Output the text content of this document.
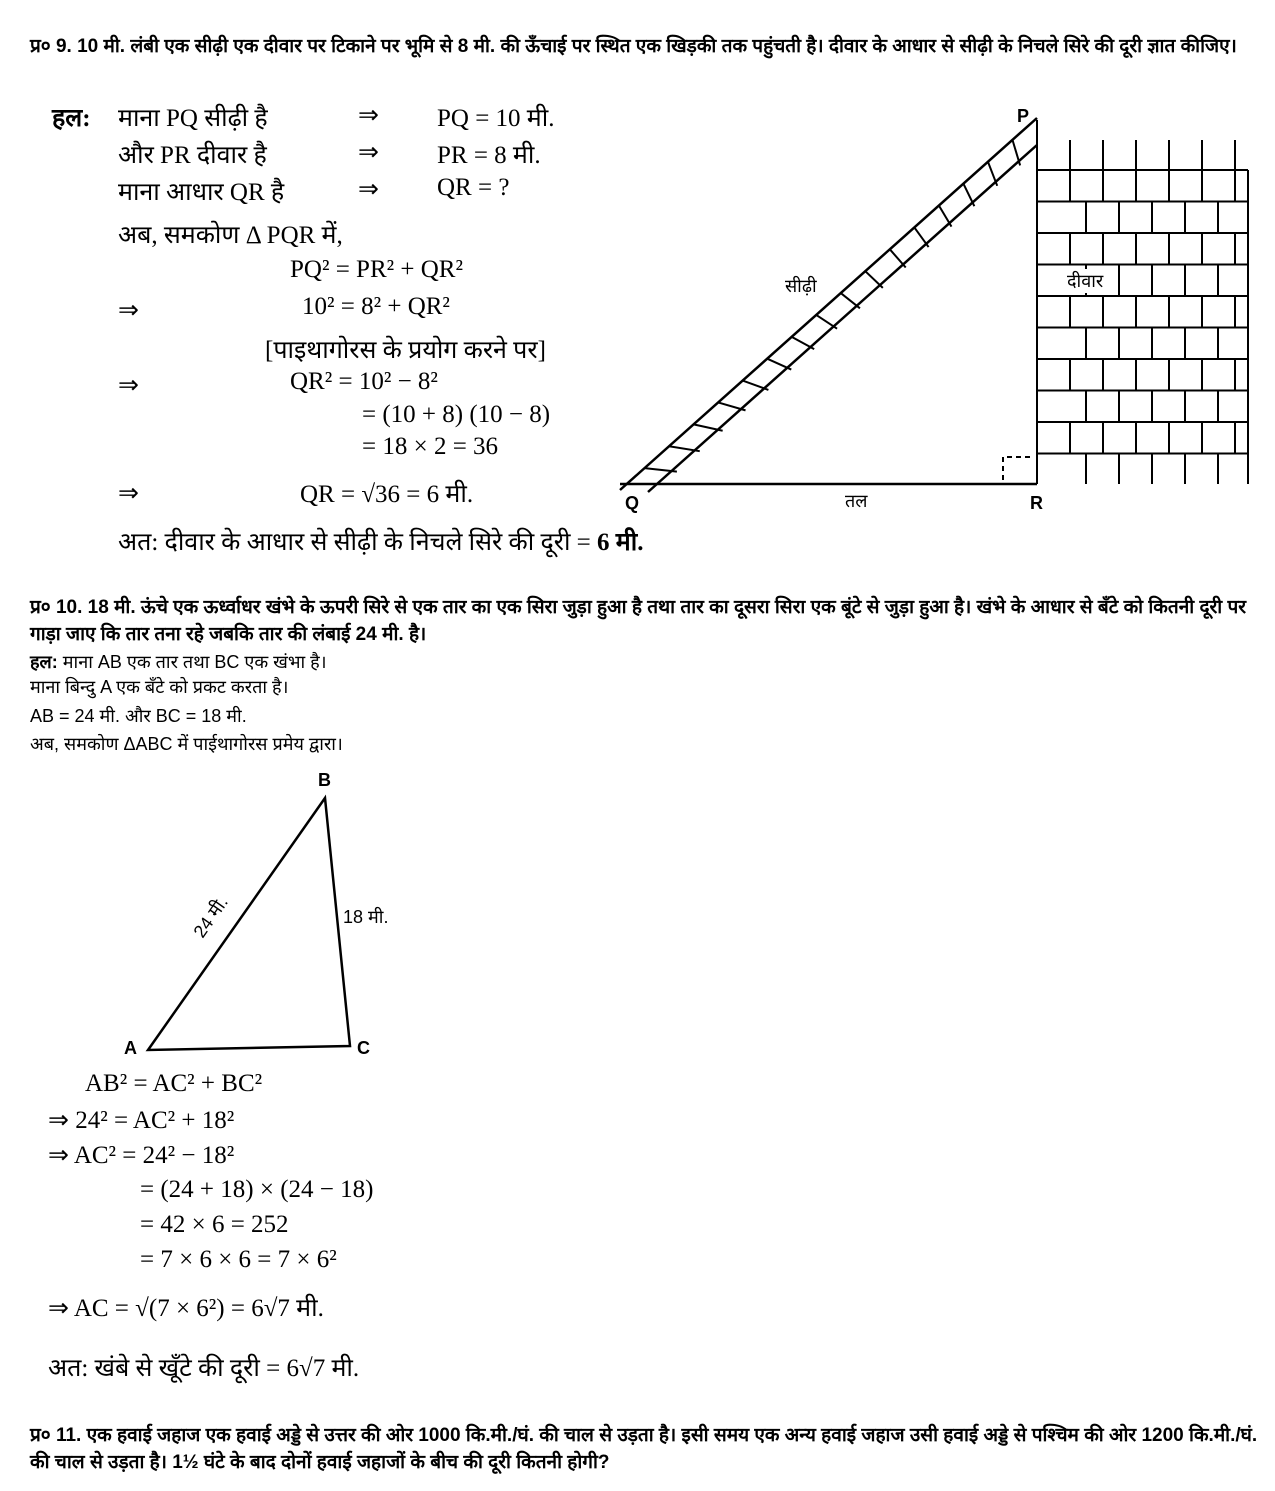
प्र० 9. 10 मी. लंबी एक सीढ़ी एक दीवार पर टिकाने पर भूमि से 8 मी. की ऊँचाई पर स्थित एक खिड़की तक पहुंचती है। दीवार के आधार से सीढ़ी के निचले सिरे की दूरी ज्ञात कीजिए।
हल: माना PQ सीढ़ी है	⇒ PQ = 10 मी.
और PR दीवार है	⇒ PR = 8 मी.
माना आधार QR है	⇒ QR = ?
अब, समकोण Δ PQR में,
PQ² = PR² + QR²
⇒	10² = 8² + QR²
[पाइथागोरस के प्रयोग करने पर]
⇒	QR² = 10² − 8²
= (10 + 8) (10 − 8)
= 18 × 2 = 36
⇒	QR = √36 = 6 मी.
अत: दीवार के आधार से सीढ़ी के निचले सिरे की दूरी = 6 मी.
P
Q	R
सीढ़ी	दीवार
तल
प्र० 10. 18 मी. ऊंचे एक ऊर्ध्वाधर खंभे के ऊपरी सिरे से एक तार का एक सिरा जुड़ा हुआ है तथा तार का दूसरा सिरा एक बूंटे से जुड़ा हुआ है। खंभे के आधार से बँटे को कितनी दूरी पर गाड़ा जाए कि तार तना रहे जबकि तार की लंबाई 24 मी. है।
हल: माना AB एक तार तथा BC एक खंभा है।
माना बिन्दु A एक बँटे को प्रकट करता है।
AB = 24 मी. और BC = 18 मी.
अब, समकोण ΔABC में पाईथागोरस प्रमेय द्वारा।
B
A	C
18 मी.
24 मी.
AB² = AC² + BC²
⇒ 24² = AC² + 18²
⇒ AC² = 24² − 18²
= (24 + 18) × (24 − 18)
= 42 × 6 = 252
= 7 × 6 × 6 = 7 × 6²
⇒ AC = √(7 × 6²) = 6√7 मी.
अत: खंबे से खूँटे की दूरी = 6√7 मी.
प्र० 11. एक हवाई जहाज एक हवाई अड्डे से उत्तर की ओर 1000 कि.मी./घं. की चाल से उड़ता है। इसी समय एक अन्य हवाई जहाज उसी हवाई अड्डे से पश्चिम की ओर 1200 कि.मी./घं. की चाल से उड़ता है। 1½ घंटे के बाद दोनों हवाई जहाजों के बीच की दूरी कितनी होगी?
